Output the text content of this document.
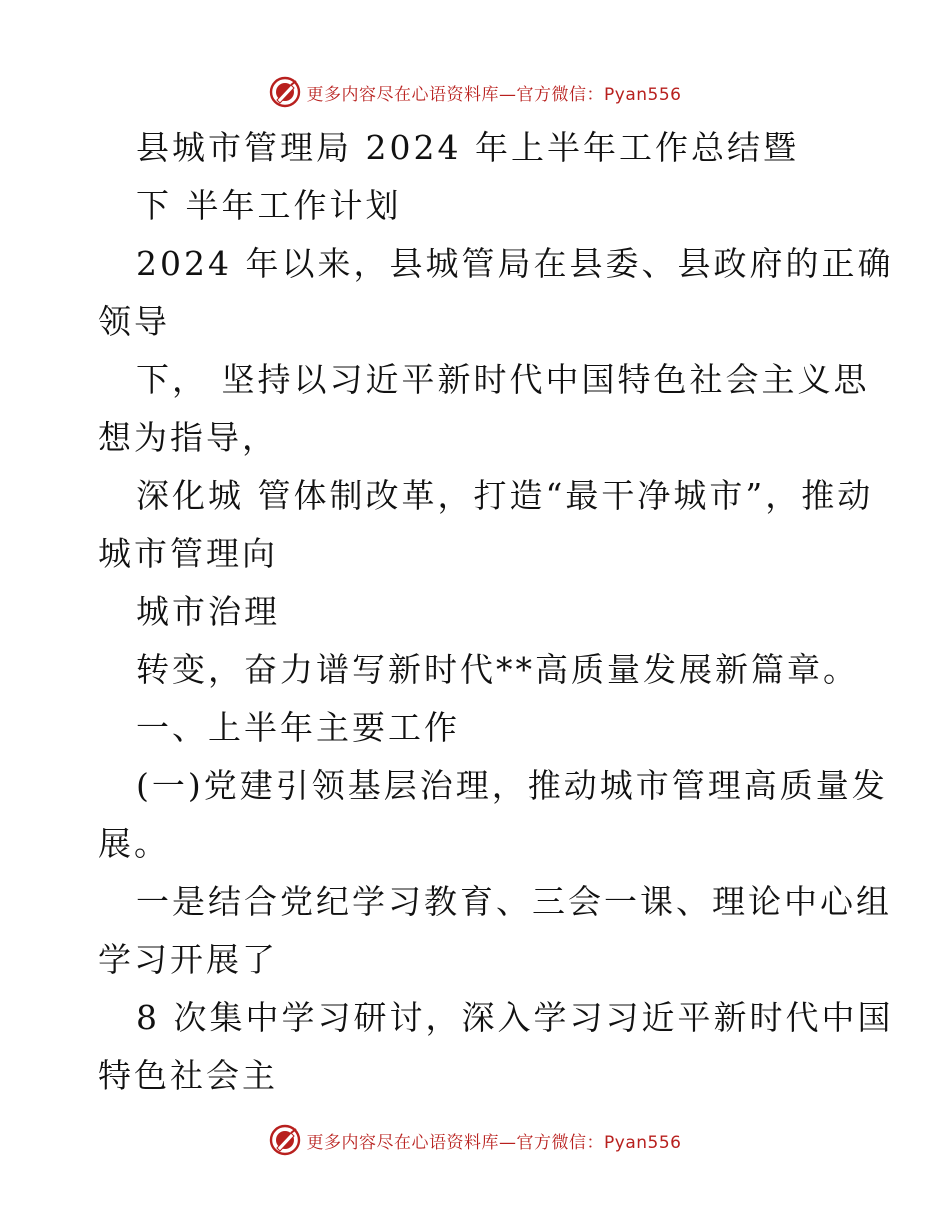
更多内容尽在心语资料库—官方微信：Pyan556
县城市管理局 2024 年上半年工作总结暨
下 半年工作计划
2024 年以来，县城管局在县委、县政府的正确
领导
下， 坚持以习近平新时代中国特色社会主义思
想为指导，
深化城 管体制改革，打造“最干净城市”，推动
城市管理向
城市治理
转变，奋力谱写新时代**高质量发展新篇章。
一、上半年主要工作
(一)党建引领基层治理，推动城市管理高质量发
展。
一是结合党纪学习教育、三会一课、理论中心组
学习开展了
8 次集中学习研讨，深入学习习近平新时代中国
特色社会主
更多内容尽在心语资料库—官方微信：Pyan556
